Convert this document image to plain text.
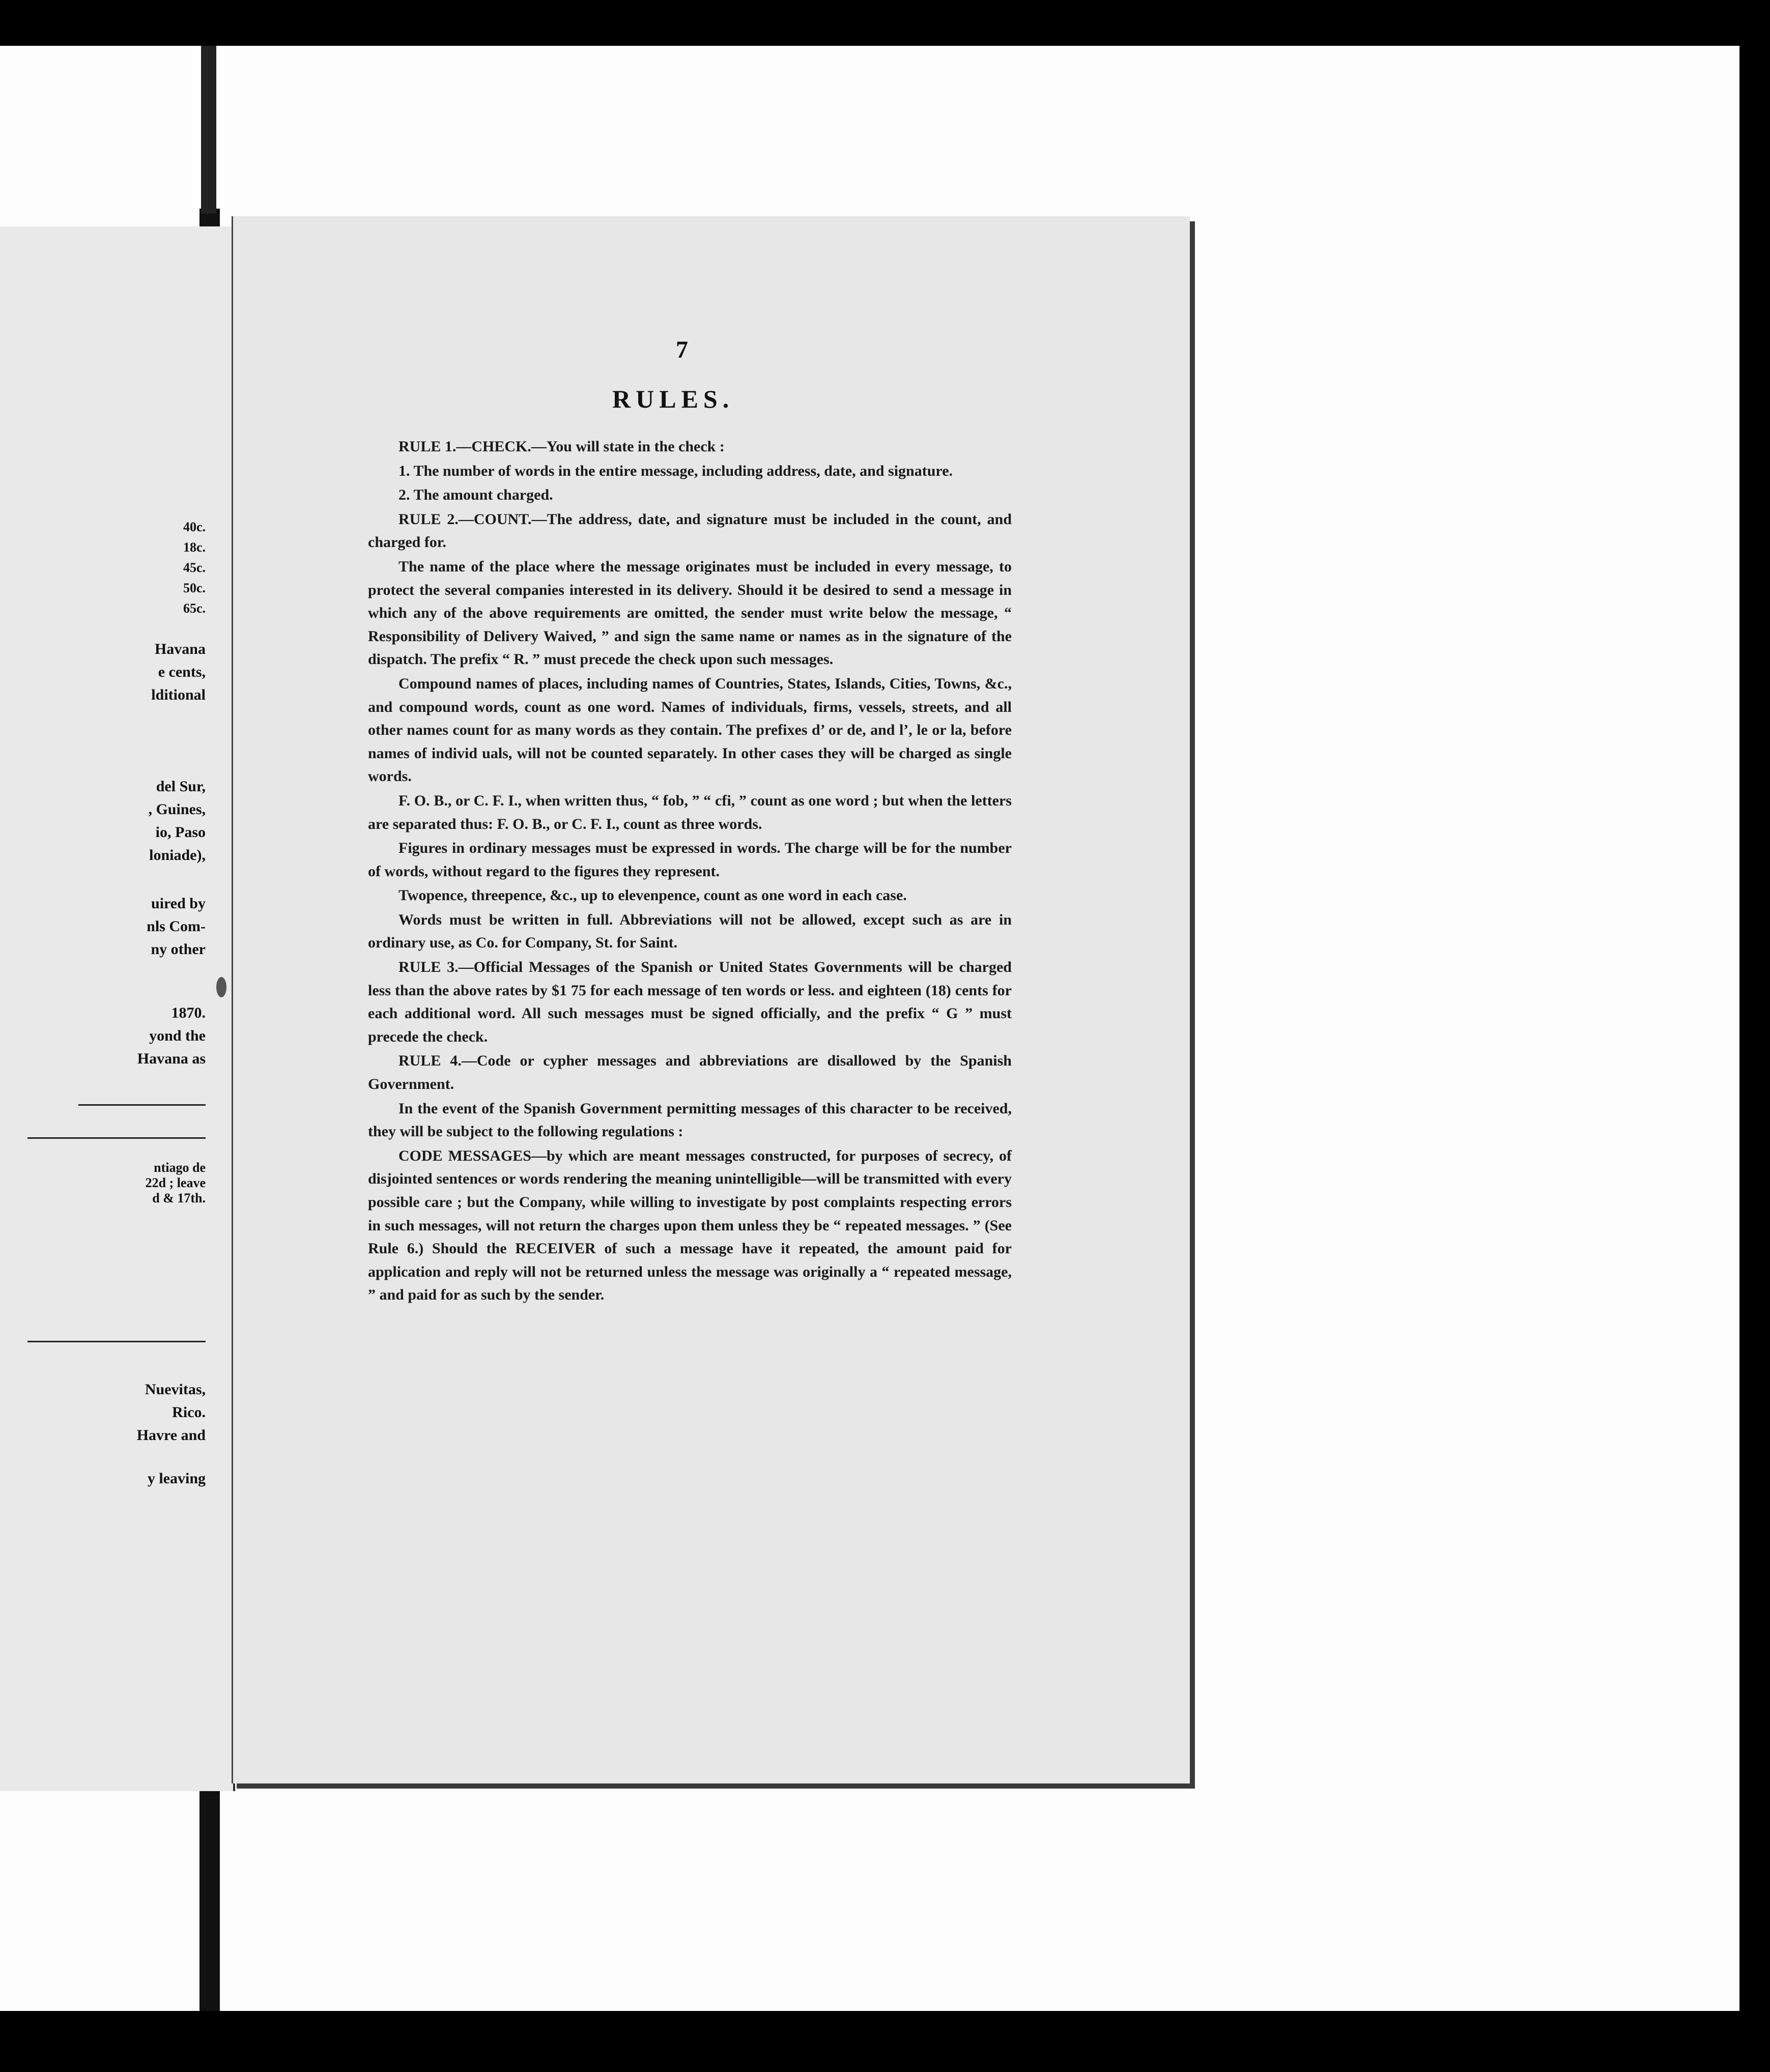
40c.
18c.
45c.
50c.
65c.
Havana
e cents,
lditional
del Sur,
, Guines,
io, Paso
loniade),
uired by
nls Com-
ny other
1870.
yond the
Havana as
ntiago de
22d ; leave
d & 17th.
Nuevitas,
Rico.
Havre and
y leaving
7
RULES.

RULE 1.—CHECK.—You will state in the check :

1. The number of words in the entire message, including address, date, and signature.

2. The amount charged.

RULE 2.—COUNT.—The address, date, and signature must be included in the count, and charged for.

The name of the place where the message originates must be included in every message, to protect the several companies interested in its delivery. Should it be desired to send a message in which any of the above requirements are omitted, the sender must write below the message, “ Responsibility of Delivery Waived, ” and sign the same name or names as in the signature of the dispatch. The prefix “ R. ” must precede the check upon such messages.

Compound names of places, including names of Countries, States, Islands, Cities, Towns, &c., and compound words, count as one word. Names of individuals, firms, vessels, streets, and all other names count for as many words as they contain. The prefixes d’ or de, and l’, le or la, before names of individ uals, will not be counted separately. In other cases they will be charged as single words.

F. O. B., or C. F. I., when written thus, “ fob, ” “ cfi, ” count as one word ; but when the letters are separated thus: F. O. B., or C. F. I., count as three words.

Figures in ordinary messages must be expressed in words. The charge will be for the number of words, without regard to the figures they represent.

Twopence, threepence, &c., up to elevenpence, count as one word in each case.

Words must be written in full. Abbreviations will not be allowed, except such as are in ordinary use, as Co. for Company, St. for Saint.

RULE 3.—Official Messages of the Spanish or United States Governments will be charged less than the above rates by $1 75 for each message of ten words or less. and eighteen (18) cents for each additional word. All such messages must be signed officially, and the prefix “ G ” must precede the check.

RULE 4.—Code or cypher messages and abbreviations are disallowed by the Spanish Government.

In the event of the Spanish Government permitting messages of this character to be received, they will be subject to the following regulations :

CODE MESSAGES—by which are meant messages constructed, for purposes of secrecy, of disjointed sentences or words rendering the meaning unintelligible—will be transmitted with every possible care ; but the Company, while willing to investigate by post complaints respecting errors in such messages, will not return the charges upon them unless they be “ repeated messages. ” (See Rule 6.) Should the RECEIVER of such a message have it repeated, the amount paid for application and reply will not be returned unless the message was originally a “ repeated message, ” and paid for as such by the sender.
